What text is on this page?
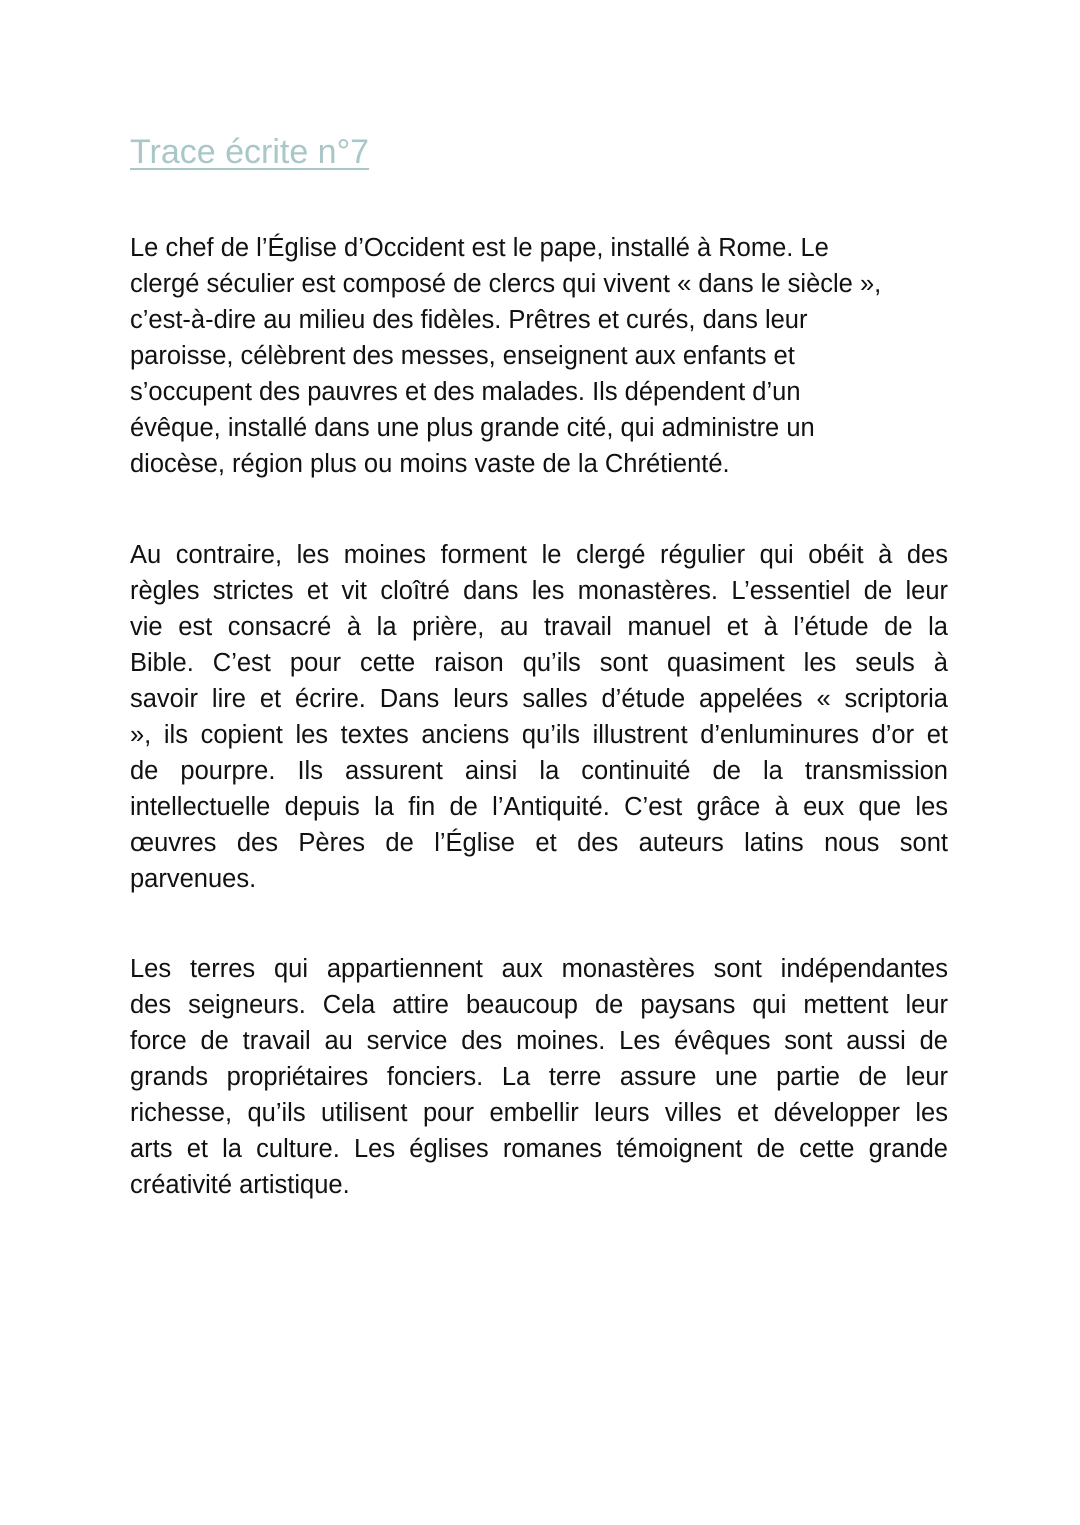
Trace écrite n°7

Le chef de l’Église d’Occident est le pape, installé à Rome. Le
clergé séculier est composé de clercs qui vivent « dans le siècle »,
c’est-à-dire au milieu des fidèles. Prêtres et curés, dans leur
paroisse, célèbrent des messes, enseignent aux enfants et
s’occupent des pauvres et des malades. Ils dépendent d’un
évêque, installé dans une plus grande cité, qui administre un
diocèse, région plus ou moins vaste de la Chrétienté.

Au contraire, les moines forment le clergé régulier qui obéit à des
règles strictes et vit cloîtré dans les monastères. L’essentiel de leur
vie est consacré à la prière, au travail manuel et à l’étude de la
Bible. C’est pour cette raison qu’ils sont quasiment les seuls à
savoir lire et écrire. Dans leurs salles d’étude appelées « scriptoria
», ils copient les textes anciens qu’ils illustrent d’enluminures d’or et
de pourpre. Ils assurent ainsi la continuité de la transmission
intellectuelle depuis la fin de l’Antiquité. C’est grâce à eux que les
œuvres des Pères de l’Église et des auteurs latins nous sont
parvenues.

Les terres qui appartiennent aux monastères sont indépendantes
des seigneurs. Cela attire beaucoup de paysans qui mettent leur
force de travail au service des moines. Les évêques sont aussi de
grands propriétaires fonciers. La terre assure une partie de leur
richesse, qu’ils utilisent pour embellir leurs villes et développer les
arts et la culture. Les églises romanes témoignent de cette grande
créativité artistique.
